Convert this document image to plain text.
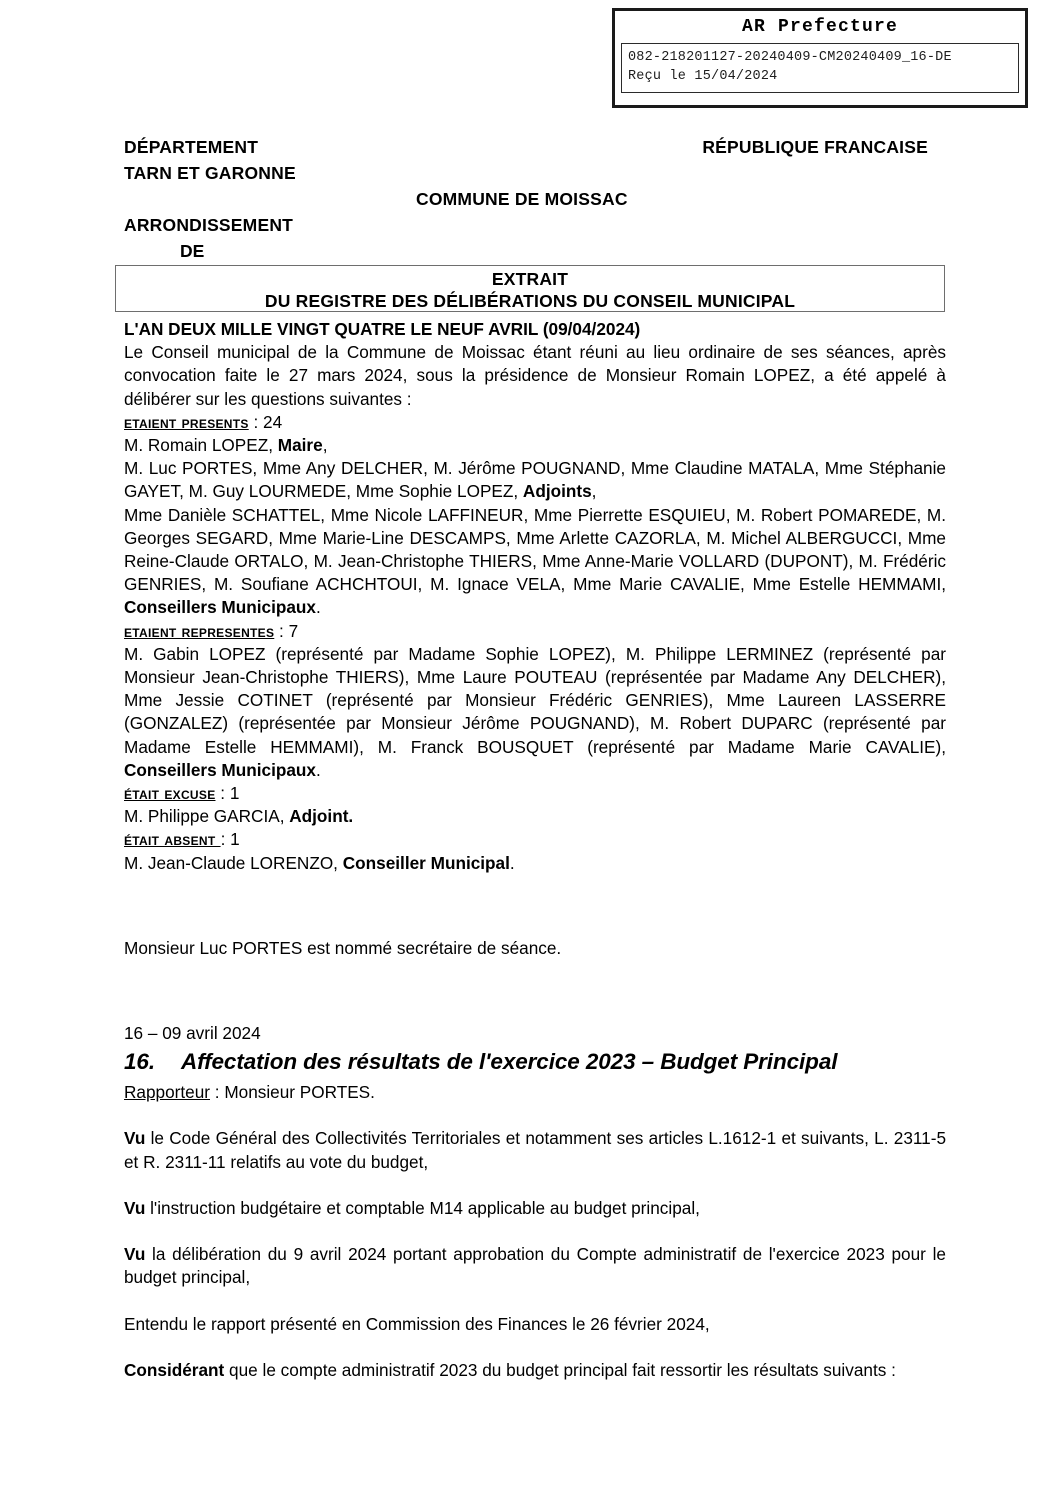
AR Prefecture
082-218201127-20240409-CM20240409_16-DE
Reçu le 15/04/2024
DÉPARTEMENT	RÉPUBLIQUE FRANCAISE
TARN ET GARONNE
COMMUNE DE MOISSAC
ARRONDISSEMENT
DE
EXTRAIT
DU REGISTRE DES DÉLIBÉRATIONS DU CONSEIL MUNICIPAL

L'AN DEUX MILLE VINGT QUATRE LE NEUF AVRIL (09/04/2024)

Le Conseil municipal de la Commune de Moissac étant réuni au lieu ordinaire de ses séances, après convocation faite le 27 mars 2024, sous la présidence de Monsieur Romain LOPEZ, a été appelé à délibérer sur les questions suivantes :

etaient presents : 24

M. Romain LOPEZ, Maire,

M. Luc PORTES, Mme Any DELCHER, M. Jérôme POUGNAND, Mme Claudine MATALA, Mme Stéphanie GAYET, M. Guy LOURMEDE, Mme Sophie LOPEZ, Adjoints,

Mme Danièle SCHATTEL, Mme Nicole LAFFINEUR, Mme Pierrette ESQUIEU, M. Robert POMAREDE, M. Georges SEGARD, Mme Marie-Line DESCAMPS, Mme Arlette CAZORLA, M. Michel ALBERGUCCI, Mme Reine-Claude ORTALO, M. Jean-Christophe THIERS, Mme Anne-Marie VOLLARD (DUPONT), M. Frédéric GENRIES, M. Soufiane ACHCHTOUI, M. Ignace VELA, Mme Marie CAVALIE, Mme Estelle HEMMAMI, Conseillers Municipaux.

etaient representes : 7

M. Gabin LOPEZ (représenté par Madame Sophie LOPEZ), M. Philippe LERMINEZ (représenté par Monsieur Jean-Christophe THIERS), Mme Laure POUTEAU (représentée par Madame Any DELCHER), Mme Jessie COTINET (représenté par Monsieur Frédéric GENRIES), Mme Laureen LASSERRE (GONZALEZ) (représentée par Monsieur Jérôme POUGNAND), M. Robert DUPARC (représenté par Madame Estelle HEMMAMI), M. Franck BOUSQUET (représenté par Madame Marie CAVALIE), Conseillers Municipaux.

était excuse : 1

M. Philippe GARCIA, Adjoint.

était absent : 1

M. Jean-Claude LORENZO, Conseiller Municipal.

Monsieur Luc PORTES est nommé secrétaire de séance.

16 – 09 avril 2024

16. Affectation des résultats de l'exercice 2023 – Budget Principal

Rapporteur : Monsieur PORTES.

Vu le Code Général des Collectivités Territoriales et notamment ses articles L.1612-1 et suivants, L. 2311-5 et R. 2311-11 relatifs au vote du budget,

Vu l'instruction budgétaire et comptable M14 applicable au budget principal,

Vu la délibération du 9 avril 2024 portant approbation du Compte administratif de l'exercice 2023 pour le budget principal,

Entendu le rapport présenté en Commission des Finances le 26 février 2024,

Considérant que le compte administratif 2023 du budget principal fait ressortir les résultats suivants :
